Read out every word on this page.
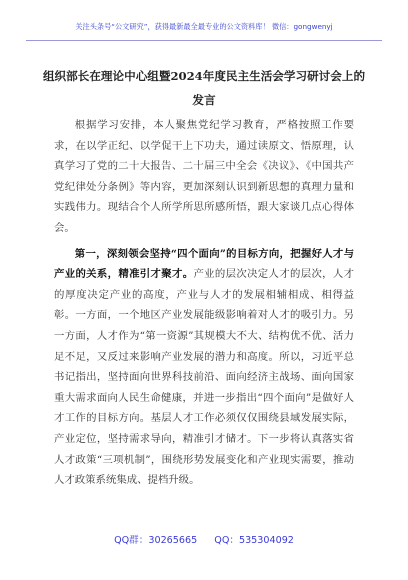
关注头条号“公文研究”，获得最新最全最专业的公文资料库！ 微信：gongwenyj
组织部长在理论中心组暨2024年度民主生活会学习研讨会上的发言

根据学习安排，本人聚焦党纪学习教育，严格按照工作要求，在以学正纪、以学促干上下功夫，通过读原文、悟原理，认真学习了党的二十大报告、二十届三中全会《决议》、《中国共产党纪律处分条例》等内容，更加深刻认识到新思想的真理力量和实践伟力。现结合个人所学所思所感所悟，跟大家谈几点心得体会。

第一，深刻领会坚持“四个面向”的目标方向，把握好人才与产业的关系，精准引才聚才。产业的层次决定人才的层次，人才的厚度决定产业的高度，产业与人才的发展相辅相成、相得益彰。一方面，一个地区产业发展能级影响着对人才的吸引力。另一方面，人才作为“第一资源”其规模大不大、结构优不优、活力足不足，又反过来影响产业发展的潜力和高度。所以，习近平总书记指出，坚持面向世界科技前沿、面向经济主战场、面向国家重大需求面向人民生命健康，并进一步指出“四个面向”是做好人才工作的目标方向。基层人才工作必须仅仅围绕县域发展实际，产业定位，坚持需求导向，精准引才储才。下一步将认真落实省人才政策“三项机制”，围绕形势发展变化和产业现实需要，推动人才政策系统集成、提档升级。

QQ群：30265665 QQ：535304092
